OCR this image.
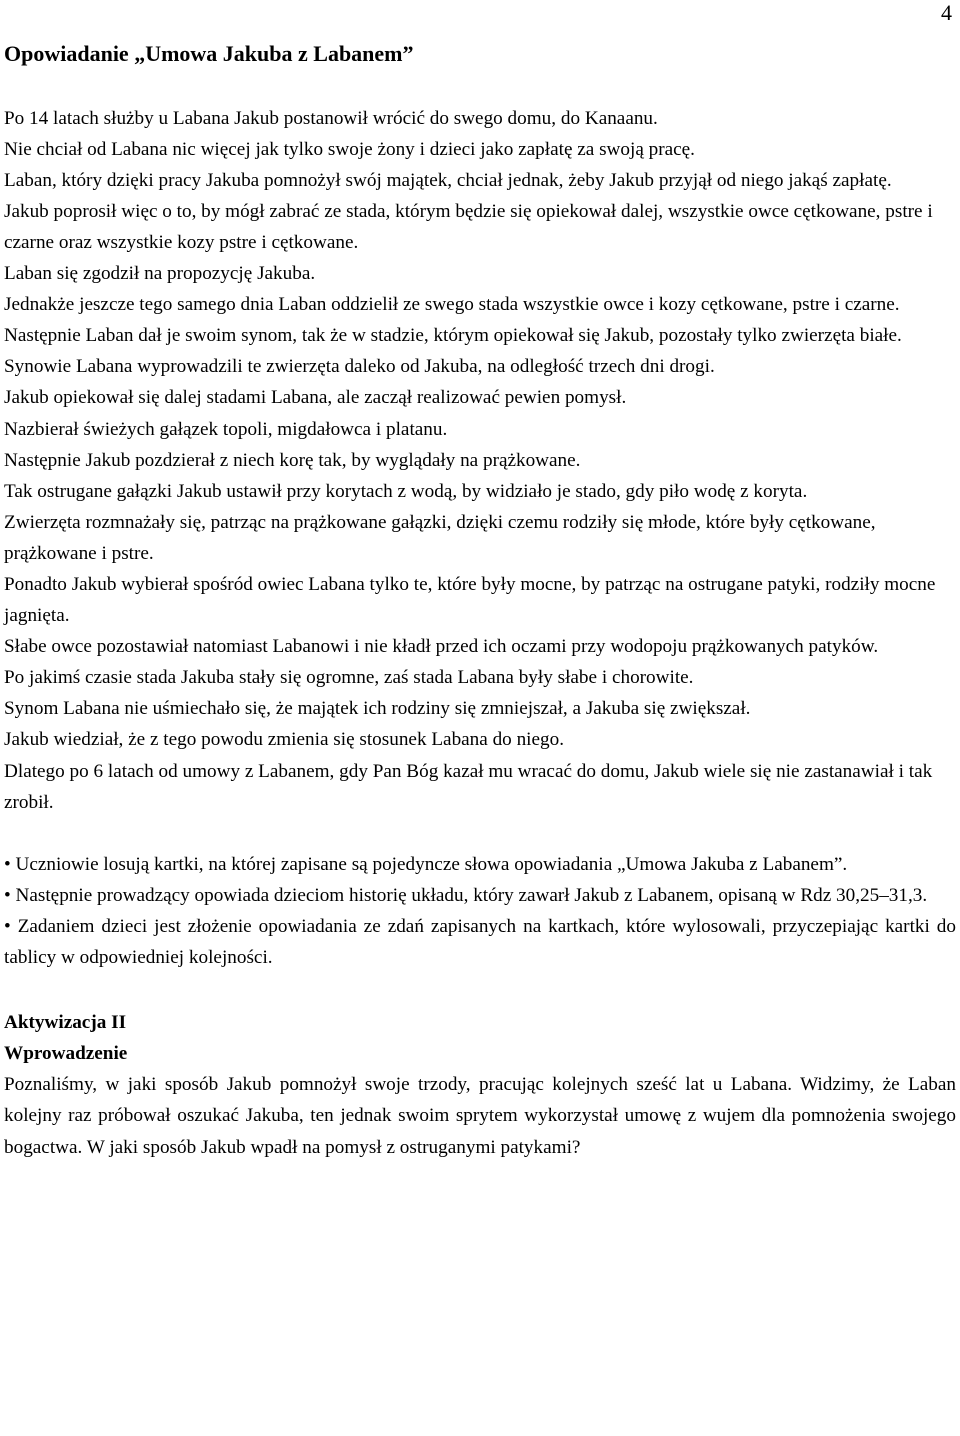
4
Opowiadanie „Umowa Jakuba z Labanem”

Po 14 latach służby u Labana Jakub postanowił wrócić do swego domu, do Kanaanu.

Nie chciał od Labana nic więcej jak tylko swoje żony i dzieci jako zapłatę za swoją pracę.

Laban, który dzięki pracy Jakuba pomnożył swój majątek, chciał jednak, żeby Jakub przyjął od niego jakąś zapłatę.

Jakub poprosił więc o to, by mógł zabrać ze stada, którym będzie się opiekował dalej, wszystkie owce cętkowane, pstre i czarne oraz wszystkie kozy pstre i cętkowane.

Laban się zgodził na propozycję Jakuba.

Jednakże jeszcze tego samego dnia Laban oddzielił ze swego stada wszystkie owce i kozy cętkowane, pstre i czarne.

Następnie Laban dał je swoim synom, tak że w stadzie, którym opiekował się Jakub, pozostały tylko zwierzęta białe.

Synowie Labana wyprowadzili te zwierzęta daleko od Jakuba, na odległość trzech dni drogi.

Jakub opiekował się dalej stadami Labana, ale zaczął realizować pewien pomysł.

Nazbierał świeżych gałązek topoli, migdałowca i platanu.

Następnie Jakub pozdzierał z niech korę tak, by wyglądały na prążkowane.

Tak ostrugane gałązki Jakub ustawił przy korytach z wodą, by widziało je stado, gdy piło wodę z koryta.

Zwierzęta rozmnażały się, patrząc na prążkowane gałązki, dzięki czemu rodziły się młode, które były cętkowane, prążkowane i pstre.

Ponadto Jakub wybierał spośród owiec Labana tylko te, które były mocne, by patrząc na ostrugane patyki, rodziły mocne jagnięta.

Słabe owce pozostawiał natomiast Labanowi i nie kładł przed ich oczami przy wodopoju prążkowanych patyków.

Po jakimś czasie stada Jakuba stały się ogromne, zaś stada Labana były słabe i chorowite.

Synom Labana nie uśmiechało się, że majątek ich rodziny się zmniejszał, a Jakuba się zwiększał.

Jakub wiedział, że z tego powodu zmienia się stosunek Labana do niego.

Dlatego po 6 latach od umowy z Labanem, gdy Pan Bóg kazał mu wracać do domu, Jakub wiele się nie zastanawiał i tak zrobił.

• Uczniowie losują kartki, na której zapisane są pojedyncze słowa opowiadania „Umowa Jakuba z Labanem”.

• Następnie prowadzący opowiada dzieciom historię układu, który zawarł Jakub z Labanem, opisaną w Rdz 30,25–31,3.

• Zadaniem dzieci jest złożenie opowiadania ze zdań zapisanych na kartkach, które wylosowali, przyczepiając kartki do tablicy w odpowiedniej kolejności.

Aktywizacja II

Wprowadzenie

Poznaliśmy, w jaki sposób Jakub pomnożył swoje trzody, pracując kolejnych sześć lat u Labana. Widzimy, że Laban kolejny raz próbował oszukać Jakuba, ten jednak swoim sprytem wykorzystał umowę z wujem dla pomnożenia swojego bogactwa. W jaki sposób Jakub wpadł na pomysł z ostruganymi patykami?
